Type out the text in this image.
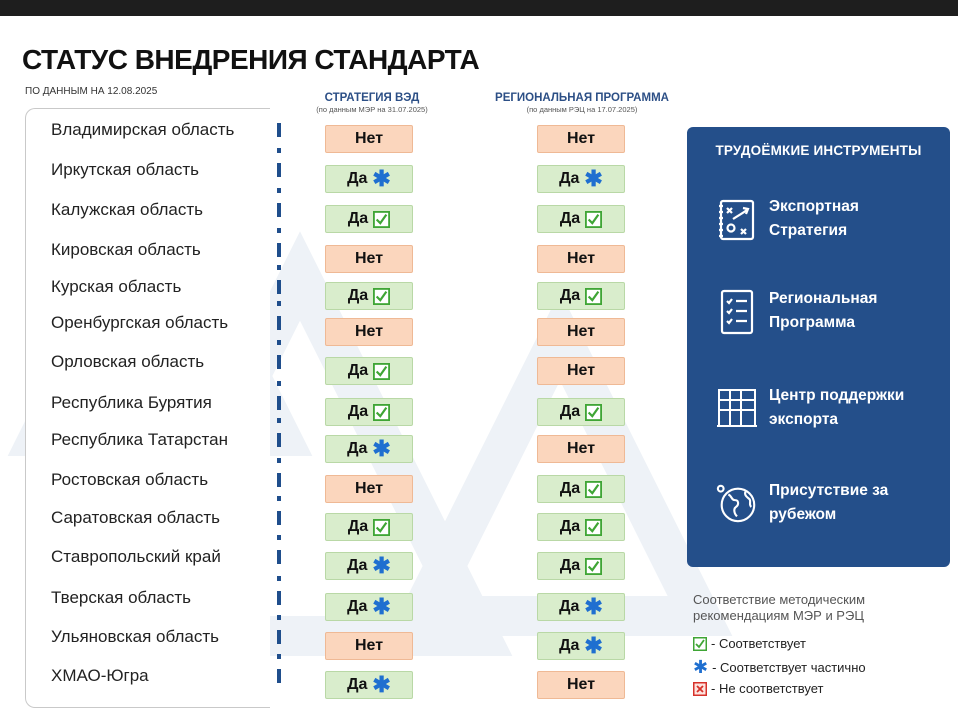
СТАТУС ВНЕДРЕНИЯ СТАНДАРТА
ПО ДАННЫМ НА 12.08.2025
СТРАТЕГИЯ ВЭД
(по данным МЭР на 31.07.2025)
РЕГИОНАЛЬНАЯ ПРОГРАММА
(по данным РЭЦ на 17.07.2025)
Владимирская область	Нет	Нет
Иркутская область	Да ✱	Да ✱
Калужская область	Да	Да
Кировская область	Нет	Нет
Курская область	Да	Да
Оренбургская область	Нет	Нет
Орловская область	Да	Нет
Республика Бурятия	Да	Да
Республика Татарстан	Да ✱	Нет
Ростовская область	Нет	Да
Саратовская область	Да	Да
Ставропольский край	Да ✱	Да
Тверская область	Да ✱	Да ✱
Ульяновская область	Нет	Да ✱
ХМАО-Югра	Да ✱	Нет
ТРУДОЁМКИЕ ИНСТРУМЕНТЫ
Экспортная
Стратегия
Региональная
Программа
Центр поддержки
экспорта
Присутствие за
рубежом
Соответствие методическим
рекомендациям МЭР и РЭЦ
- Соответствует
✱ - Соответствует частично
- Не соответствует
